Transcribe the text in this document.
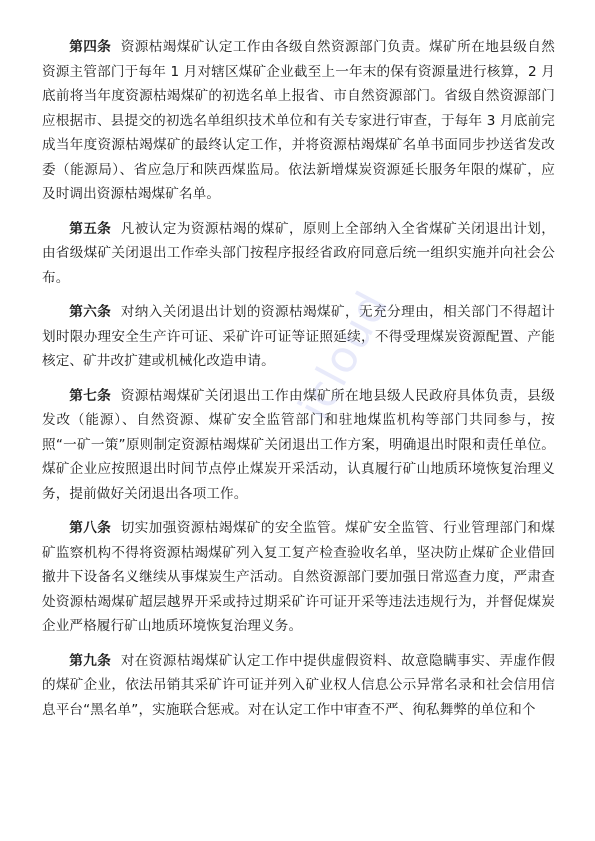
第四条 资源枯竭煤矿认定工作由各级自然资源部门负责。煤矿所在地县级自然资源主管部门于每年 1 月对辖区煤矿企业截至上一年末的保有资源量进行核算，2 月底前将当年度资源枯竭煤矿的初选名单上报省、市自然资源部门。省级自然资源部门应根据市、县提交的初选名单组织技术单位和有关专家进行审查，于每年 3 月底前完成当年度资源枯竭煤矿的最终认定工作，并将资源枯竭煤矿名单书面同步抄送省发改委（能源局）、省应急厅和陕西煤监局。依法新增煤炭资源延长服务年限的煤矿，应及时调出资源枯竭煤矿名单。

第五条 凡被认定为资源枯竭的煤矿，原则上全部纳入全省煤矿关闭退出计划，由省级煤矿关闭退出工作牵头部门按程序报经省政府同意后统一组织实施并向社会公布。

第六条 对纳入关闭退出计划的资源枯竭煤矿，无充分理由，相关部门不得超计划时限办理安全生产许可证、采矿许可证等证照延续，不得受理煤炭资源配置、产能核定、矿井改扩建或机械化改造申请。

第七条 资源枯竭煤矿关闭退出工作由煤矿所在地县级人民政府具体负责，县级发改（能源）、自然资源、煤矿安全监管部门和驻地煤监机构等部门共同参与，按照“一矿一策”原则制定资源枯竭煤矿关闭退出工作方案，明确退出时限和责任单位。煤矿企业应按照退出时间节点停止煤炭开采活动，认真履行矿山地质环境恢复治理义务，提前做好关闭退出各项工作。

第八条 切实加强资源枯竭煤矿的安全监管。煤矿安全监管、行业管理部门和煤矿监察机构不得将资源枯竭煤矿列入复工复产检查验收名单，坚决防止煤矿企业借回撤井下设备名义继续从事煤炭生产活动。自然资源部门要加强日常巡查力度，严肃查处资源枯竭煤矿超层越界开采或持过期采矿许可证开采等违法违规行为，并督促煤炭企业严格履行矿山地质环境恢复治理义务。

第九条 对在资源枯竭煤矿认定工作中提供虚假资料、故意隐瞒事实、弄虚作假的煤矿企业，依法吊销其采矿许可证并列入矿业权人信息公示异常名录和社会信用信息平台“黑名单”，实施联合惩戒。对在认定工作中审查不严、徇私舞弊的单位和个

icloud
